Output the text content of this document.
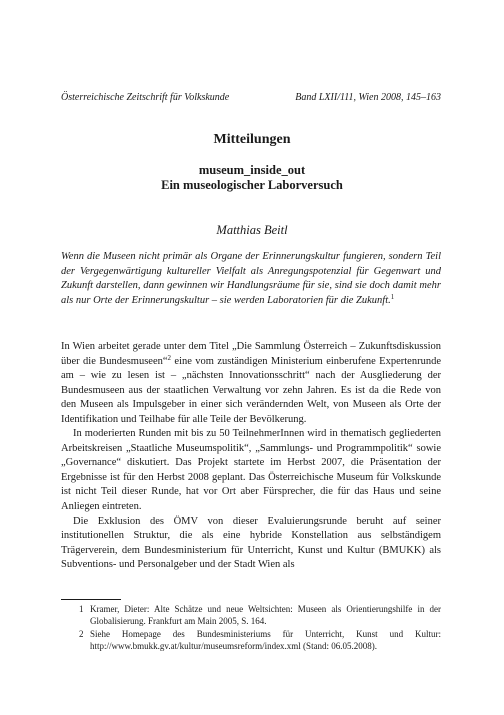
Österreichische Zeitschrift für Volkskunde	Band LXII/111, Wien 2008, 145–163
Mitteilungen
museum_inside_out
Ein museologischer Laborversuch
Matthias Beitl
Wenn die Museen nicht primär als Organe der Erinnerungskultur fungieren, sondern Teil der Vergegenwärtigung kultureller Vielfalt als Anregungspotenzial für Gegenwart und Zukunft darstellen, dann gewinnen wir Handlungsräume für sie, sind sie doch damit mehr als nur Orte der Erinnerungskultur – sie werden Laboratorien für die Zukunft.$^1$

In Wien arbeitet gerade unter dem Titel „Die Sammlung Österreich – Zukunftsdiskussion über die Bundesmuseen“$^2$ eine vom zuständigen Ministerium einberufene Expertenrunde am – wie zu lesen ist – „nächsten Innovationsschritt“ nach der Ausgliederung der Bundesmuseen aus der staatlichen Verwaltung vor zehn Jahren. Es ist da die Rede von den Museen als Impulsgeber in einer sich verändernden Welt, von Museen als Orte der Identifikation und Teilhabe für alle Teile der Bevölkerung.

In moderierten Runden mit bis zu 50 TeilnehmerInnen wird in thematisch gegliederten Arbeitskreisen „Staatliche Museumspolitik“, „Sammlungs- und Programmpolitik“ sowie „Governance“ diskutiert. Das Projekt startete im Herbst 2007, die Präsentation der Ergebnisse ist für den Herbst 2008 geplant. Das Österreichische Museum für Volkskunde ist nicht Teil dieser Runde, hat vor Ort aber Fürsprecher, die für das Haus und seine Anliegen eintreten.

Die Exklusion des ÖMV von dieser Evaluierungsrunde beruht auf seiner institutionellen Struktur, die als eine hybride Konstellation aus selbständigem Trägerverein, dem Bundesministerium für Unterricht, Kunst und Kultur (BMUKK) als Subventions- und Personalgeber und der Stadt Wien als

1 Kramer, Dieter: Alte Schätze und neue Weltsichten: Museen als Orientierungshilfe in der Globalisierung. Frankfurt am Main 2005, S. 164.
2 Siehe Homepage des Bundesministeriums für Unterricht, Kunst und Kultur: http://www.bmukk.gv.at/kultur/museumsreform/index.xml (Stand: 06.05.2008).
